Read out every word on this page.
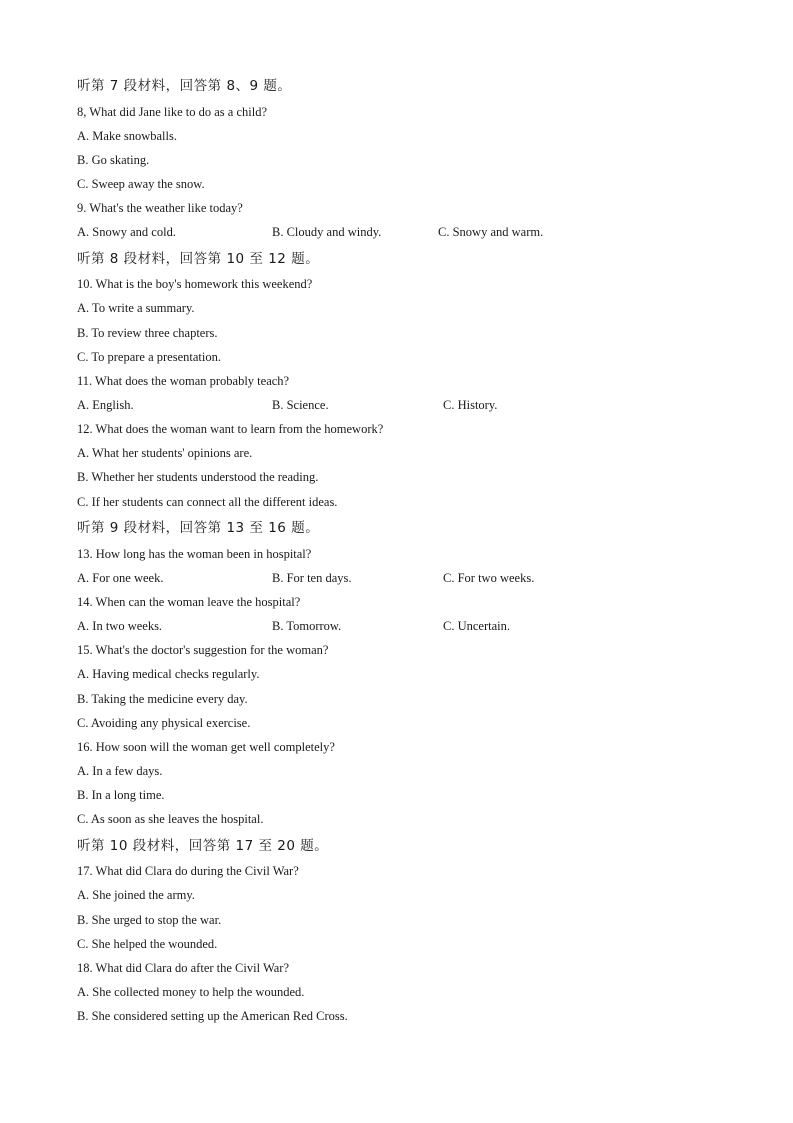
听第 7 段材料，回答第 8、9 题。
8, What did Jane like to do as a child?
A. Make snowballs.
B. Go skating.
C. Sweep away the snow.
9. What's the weather like today?
A. Snowy and cold.	B. Cloudy and windy.	C. Snowy and warm.
听第 8 段材料，回答第 10 至 12 题。
10. What is the boy's homework this weekend?
A. To write a summary.
B. To review three chapters.
C. To prepare a presentation.
11. What does the woman probably teach?
A. English.	B. Science.	C. History.
12. What does the woman want to learn from the homework?
A. What her students' opinions are.
B. Whether her students understood the reading.
C. If her students can connect all the different ideas.
听第 9 段材料，回答第 13 至 16 题。
13. How long has the woman been in hospital?
A. For one week.	B. For ten days.	C. For two weeks.
14. When can the woman leave the hospital?
A. In two weeks.	B. Tomorrow.	C. Uncertain.
15. What's the doctor's suggestion for the woman?
A. Having medical checks regularly.
B. Taking the medicine every day.
C. Avoiding any physical exercise.
16. How soon will the woman get well completely?
A. In a few days.
B. In a long time.
C. As soon as she leaves the hospital.
听第 10 段材料，回答第 17 至 20 题。
17. What did Clara do during the Civil War?
A. She joined the army.
B. She urged to stop the war.
C. She helped the wounded.
18. What did Clara do after the Civil War?
A. She collected money to help the wounded.
B. She considered setting up the American Red Cross.
